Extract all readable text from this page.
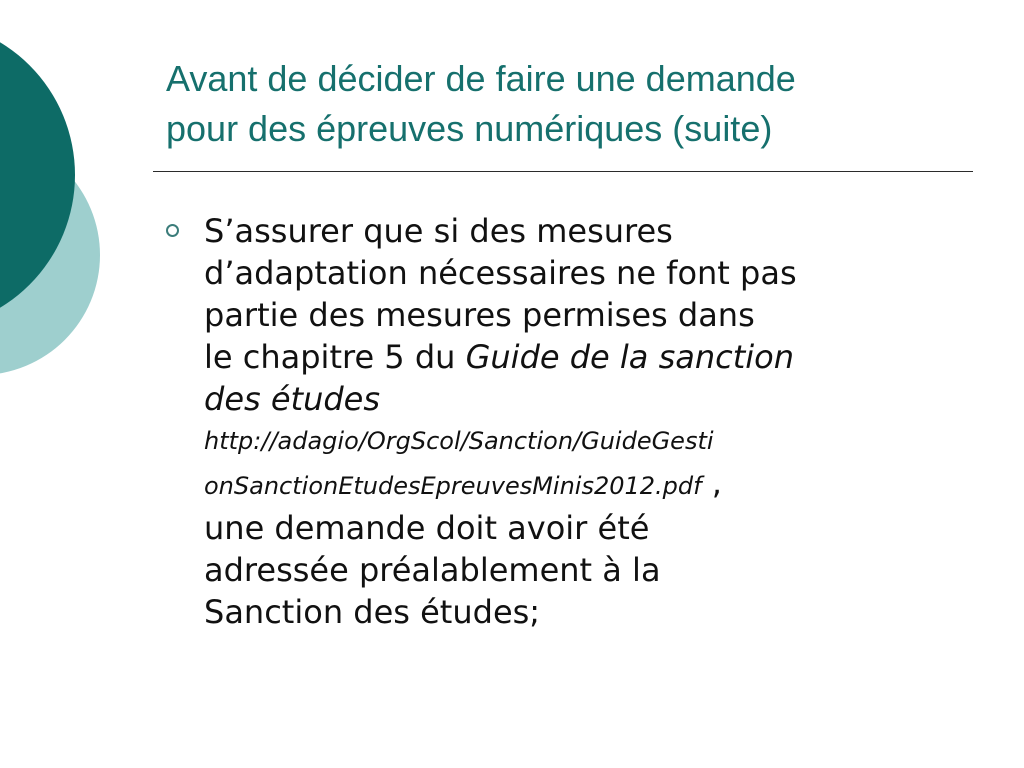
Avant de décider de faire une demande
pour des épreuves numériques (suite)
S’assurer que si des mesures
d’adaptation nécessaires ne font pas
partie des mesures permises dans
le chapitre 5 du Guide de la sanction
des études
http://adagio/OrgScol/Sanction/GuideGesti
onSanctionEtudesEpreuvesMinis2012.pdf ,
une demande doit avoir été
adressée préalablement à la
Sanction des études;
